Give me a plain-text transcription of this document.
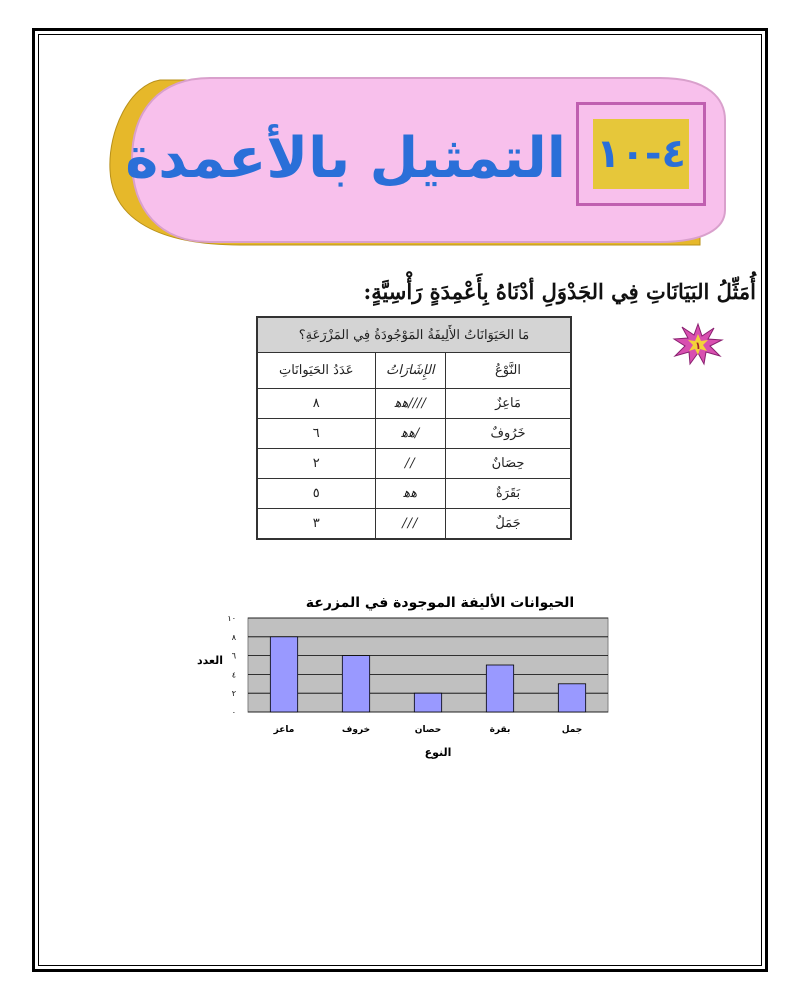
التمثيل بالأعمدة ٤-١٠
أُمَثِّلُ البَيَانَاتِ فِي الجَدْوَلِ أدْنَاهُ بِأَعْمِدَةٍ رَأْسِيَّةٍ:
١
مَا الحَيَوَانَاتُ الأَلِيفَةُ المَوْجُودَةُ فِي المَزْرَعَةِ؟		
النَّوْعُ	الإِشَارَاتُ	عَدَدُ الحَيَوانَاتِ
مَاعِزٌ	////ﻫﻫ	٨
خَرُوفٌ	/ﻫﻫ	٦
حِصَانٌ	//	٢
بَقَرَةٌ	ﻫﻫ	٥
جَمَلٌ	///	٣
الحيوانات الأليفة الموجودة في المزرعة
العدد
النوع
٠
٢
٤
٦
٨
١٠
ماعز	خروف	حصان	بقرة	جمل
